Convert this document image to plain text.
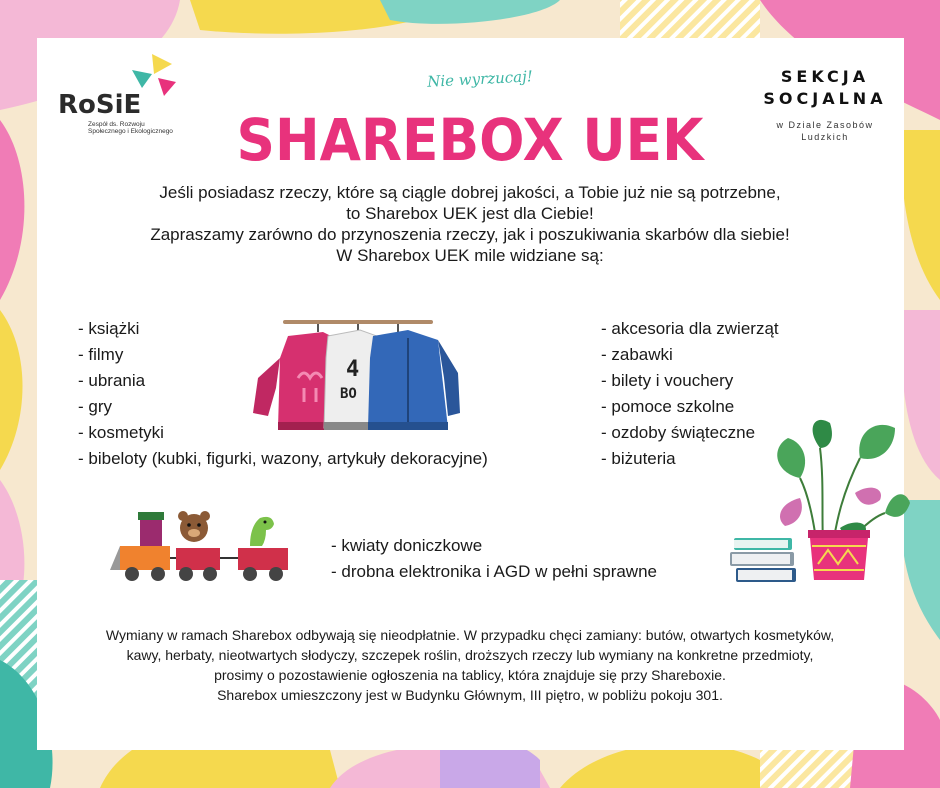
RoSiE
Zespół ds. Rozwoju
Społecznego i Ekologicznego
Nie wyrzucaj!
SHAREBOX UEK
SEKCJA
SOCJALNA
w Dziale Zasobów
Ludzkich
Jeśli posiadasz rzeczy, które są ciągle dobrej jakości, a Tobie już nie są potrzebne,
to Sharebox UEK jest dla Ciebie!
Zapraszamy zarówno do przynoszenia rzeczy, jak i poszukiwania skarbów dla siebie!
W Sharebox UEK mile widziane są:
4
BO
- książki
- filmy
- ubrania
- gry
- kosmetyki
- bibeloty (kubki, figurki, wazony, artykuły dekoracyjne)
- akcesoria dla zwierząt
- zabawki
- bilety i vouchery
- pomoce szkolne
- ozdoby świąteczne
- biżuteria
- kwiaty doniczkowe
- drobna elektronika i AGD w pełni sprawne
Wymiany w ramach Sharebox odbywają się nieodpłatnie. W przypadku chęci zamiany: butów, otwartych kosmetyków,
kawy, herbaty, nieotwartych słodyczy, szczepek roślin, droższych rzeczy lub wymiany na konkretne przedmioty,
prosimy o pozostawienie ogłoszenia na tablicy, która znajduje się przy Shareboxie.
Sharebox umieszczony jest w Budynku Głównym, III piętro, w pobliżu pokoju 301.
